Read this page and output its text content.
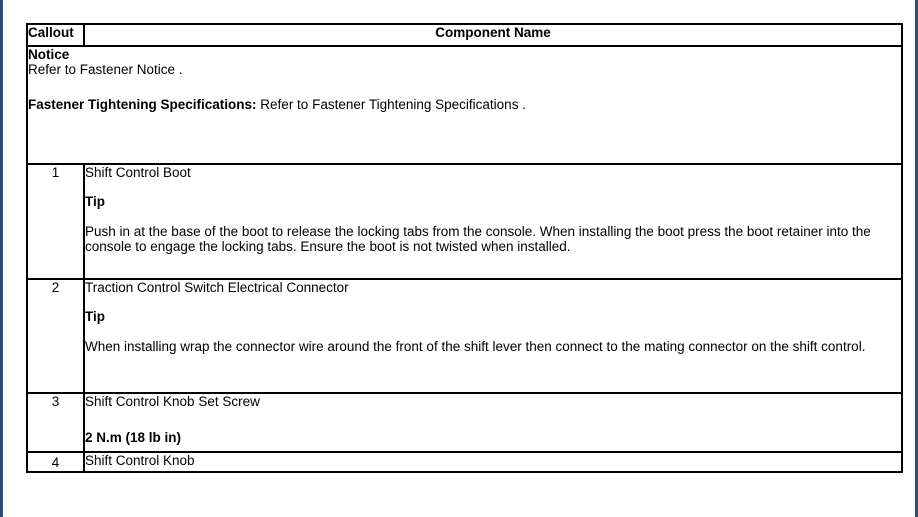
Callout	Component Name

Notice

Refer to Fastener Notice .

Fastener Tightening Specifications: Refer to Fastener Tightening Specifications .	

1	Shift Control Boot
Tip
Push in at the base of the boot to release the locking tabs from the console. When installing the boot press the boot retainer into the console to engage the locking tabs. Ensure the boot is not twisted when installed.

2	Traction Control Switch Electrical Connector
Tip
When installing wrap the connector wire around the front of the shift lever then connect to the mating connector on the shift control.

3	Shift Control Knob Set Screw
2 N.m (18 lb in)

4	Shift Control Knob
